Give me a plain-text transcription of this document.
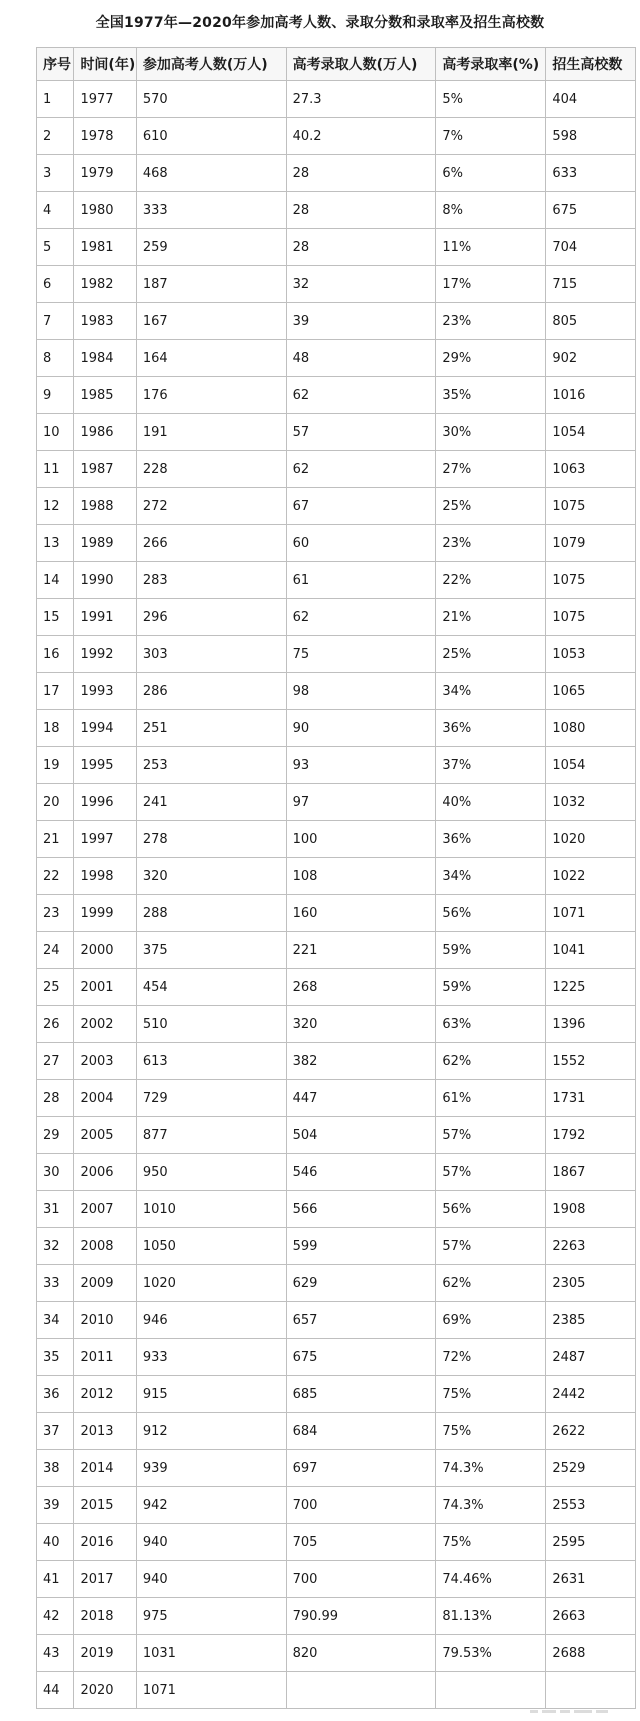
全国1977年—2020年参加高考人数、录取分数和录取率及招生高校数
序号	时间(年)	参加高考人数(万人)	高考录取人数(万人)	高考录取率(%)	招生高校数
1	1977	570	27.3	5%	404
2	1978	610	40.2	7%	598
3	1979	468	28	6%	633
4	1980	333	28	8%	675
5	1981	259	28	11%	704
6	1982	187	32	17%	715
7	1983	167	39	23%	805
8	1984	164	48	29%	902
9	1985	176	62	35%	1016
10	1986	191	57	30%	1054
11	1987	228	62	27%	1063
12	1988	272	67	25%	1075
13	1989	266	60	23%	1079
14	1990	283	61	22%	1075
15	1991	296	62	21%	1075
16	1992	303	75	25%	1053
17	1993	286	98	34%	1065
18	1994	251	90	36%	1080
19	1995	253	93	37%	1054
20	1996	241	97	40%	1032
21	1997	278	100	36%	1020
22	1998	320	108	34%	1022
23	1999	288	160	56%	1071
24	2000	375	221	59%	1041
25	2001	454	268	59%	1225
26	2002	510	320	63%	1396
27	2003	613	382	62%	1552
28	2004	729	447	61%	1731
29	2005	877	504	57%	1792
30	2006	950	546	57%	1867
31	2007	1010	566	56%	1908
32	2008	1050	599	57%	2263
33	2009	1020	629	62%	2305
34	2010	946	657	69%	2385
35	2011	933	675	72%	2487
36	2012	915	685	75%	2442
37	2013	912	684	75%	2622
38	2014	939	697	74.3%	2529
39	2015	942	700	74.3%	2553
40	2016	940	705	75%	2595
41	2017	940	700	74.46%	2631
42	2018	975	790.99	81.13%	2663
43	2019	1031	820	79.53%	2688
44	2020	1071			
